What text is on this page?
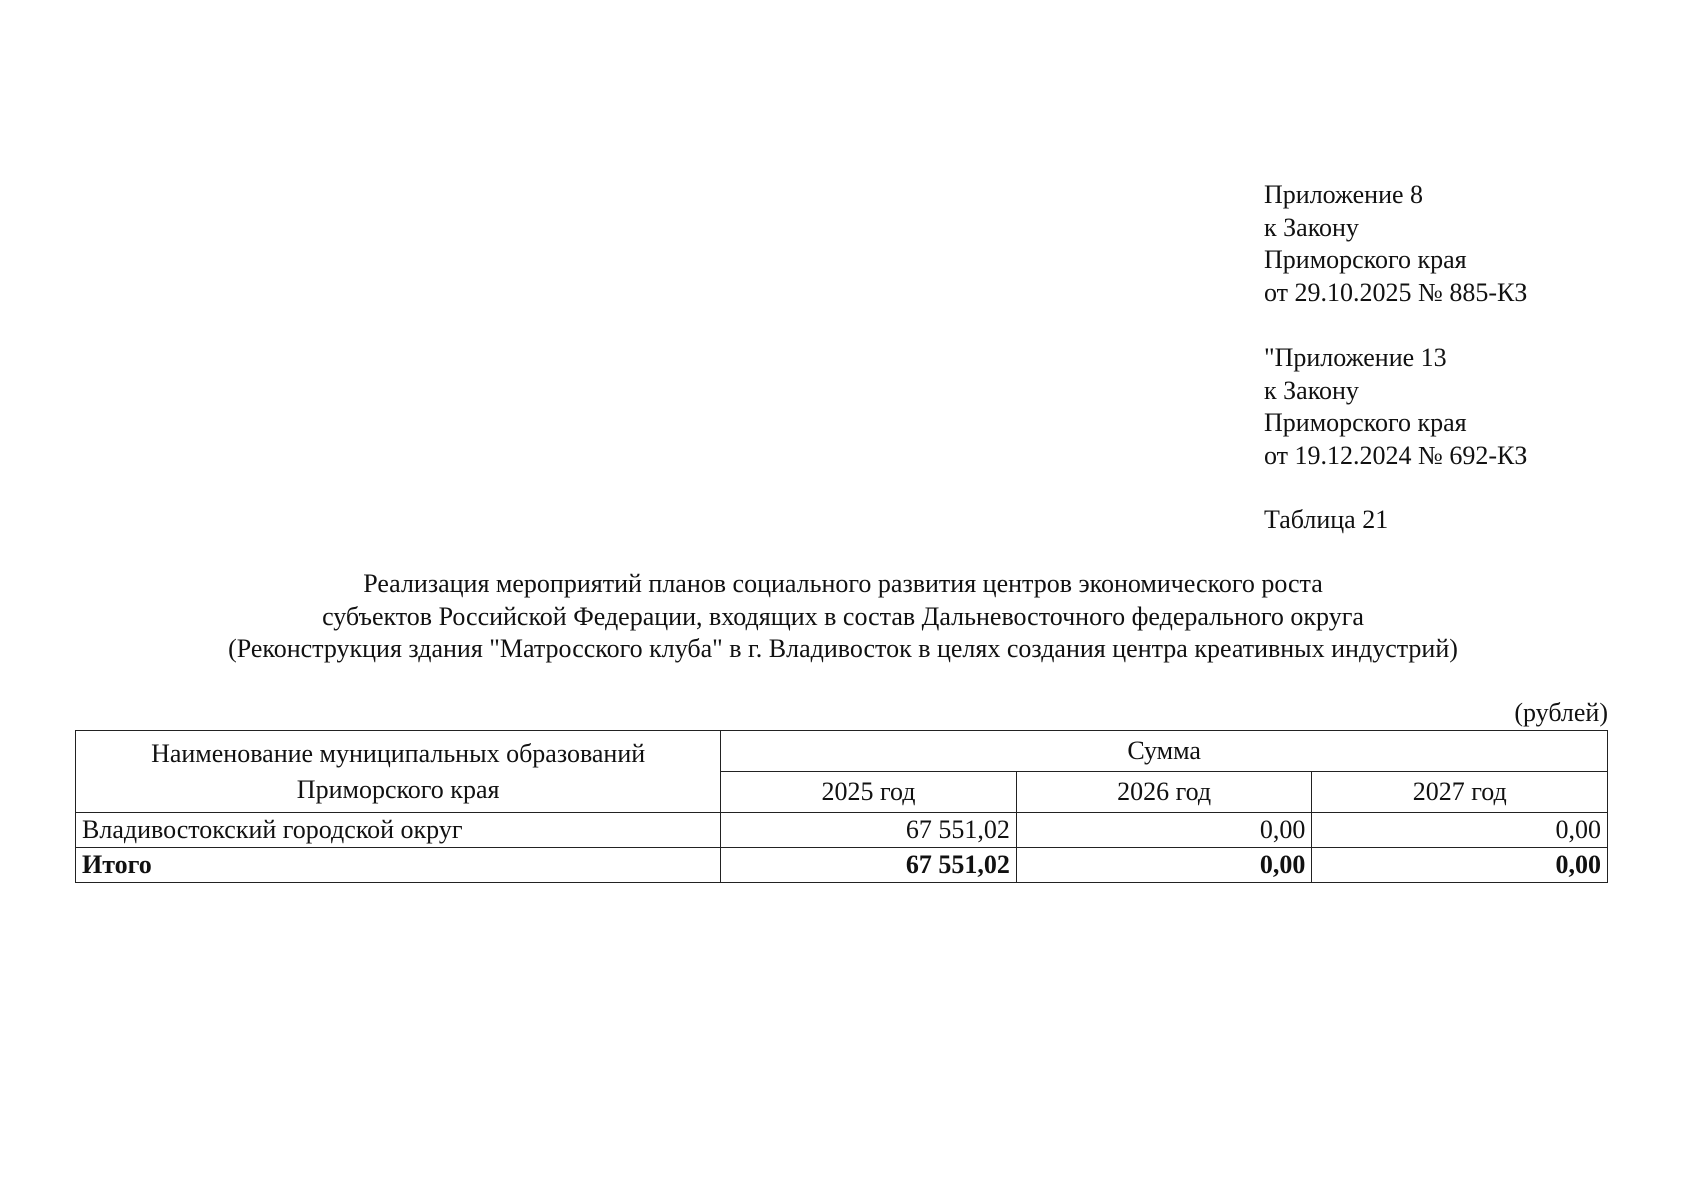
Приложение 8
к Закону
Приморского края
от 29.10.2025 № 885-КЗ
"Приложение 13
к Закону
Приморского края
от 19.12.2024 № 692-КЗ
Таблица 21
Реализация мероприятий планов социального развития центров экономического роста
субъектов Российской Федерации, входящих в состав Дальневосточного федерального округа
(Реконструкция здания "Матросского клуба" в г. Владивосток в целях создания центра креативных индустрий)
(рублей)
Наименование муниципальных образований Приморского края	Сумма		
	2025 год	2026 год	2027 год
Владивостокский городской округ	67 551,02	0,00	0,00
Итого	67 551,02	0,00	0,00
